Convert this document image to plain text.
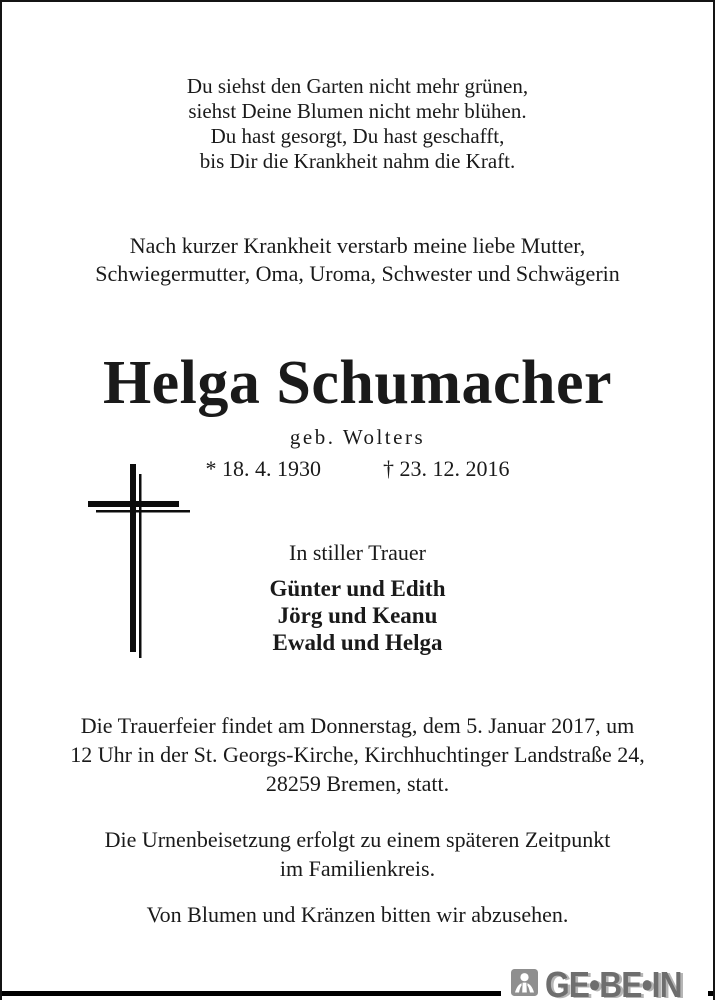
Du siehst den Garten nicht mehr grünen,
siehst Deine Blumen nicht mehr blühen.
Du hast gesorgt, Du hast geschafft,
bis Dir die Krankheit nahm die Kraft.
Nach kurzer Krankheit verstarb meine liebe Mutter,
Schwiegermutter, Oma, Uroma, Schwester und Schwägerin
Helga Schumacher
geb. Wolters
* 18. 4. 1930	† 23. 12. 2016
In stiller Trauer
Günter und Edith
Jörg und Keanu
Ewald und Helga
Die Trauerfeier findet am Donnerstag, dem 5. Januar 2017, um
12 Uhr in der St. Georgs-Kirche, Kirchhuchtinger Landstraße 24,
28259 Bremen, statt.
Die Urnenbeisetzung erfolgt zu einem späteren Zeitpunkt
im Familienkreis.
Von Blumen und Kränzen bitten wir abzusehen.
GE•BE•IN
